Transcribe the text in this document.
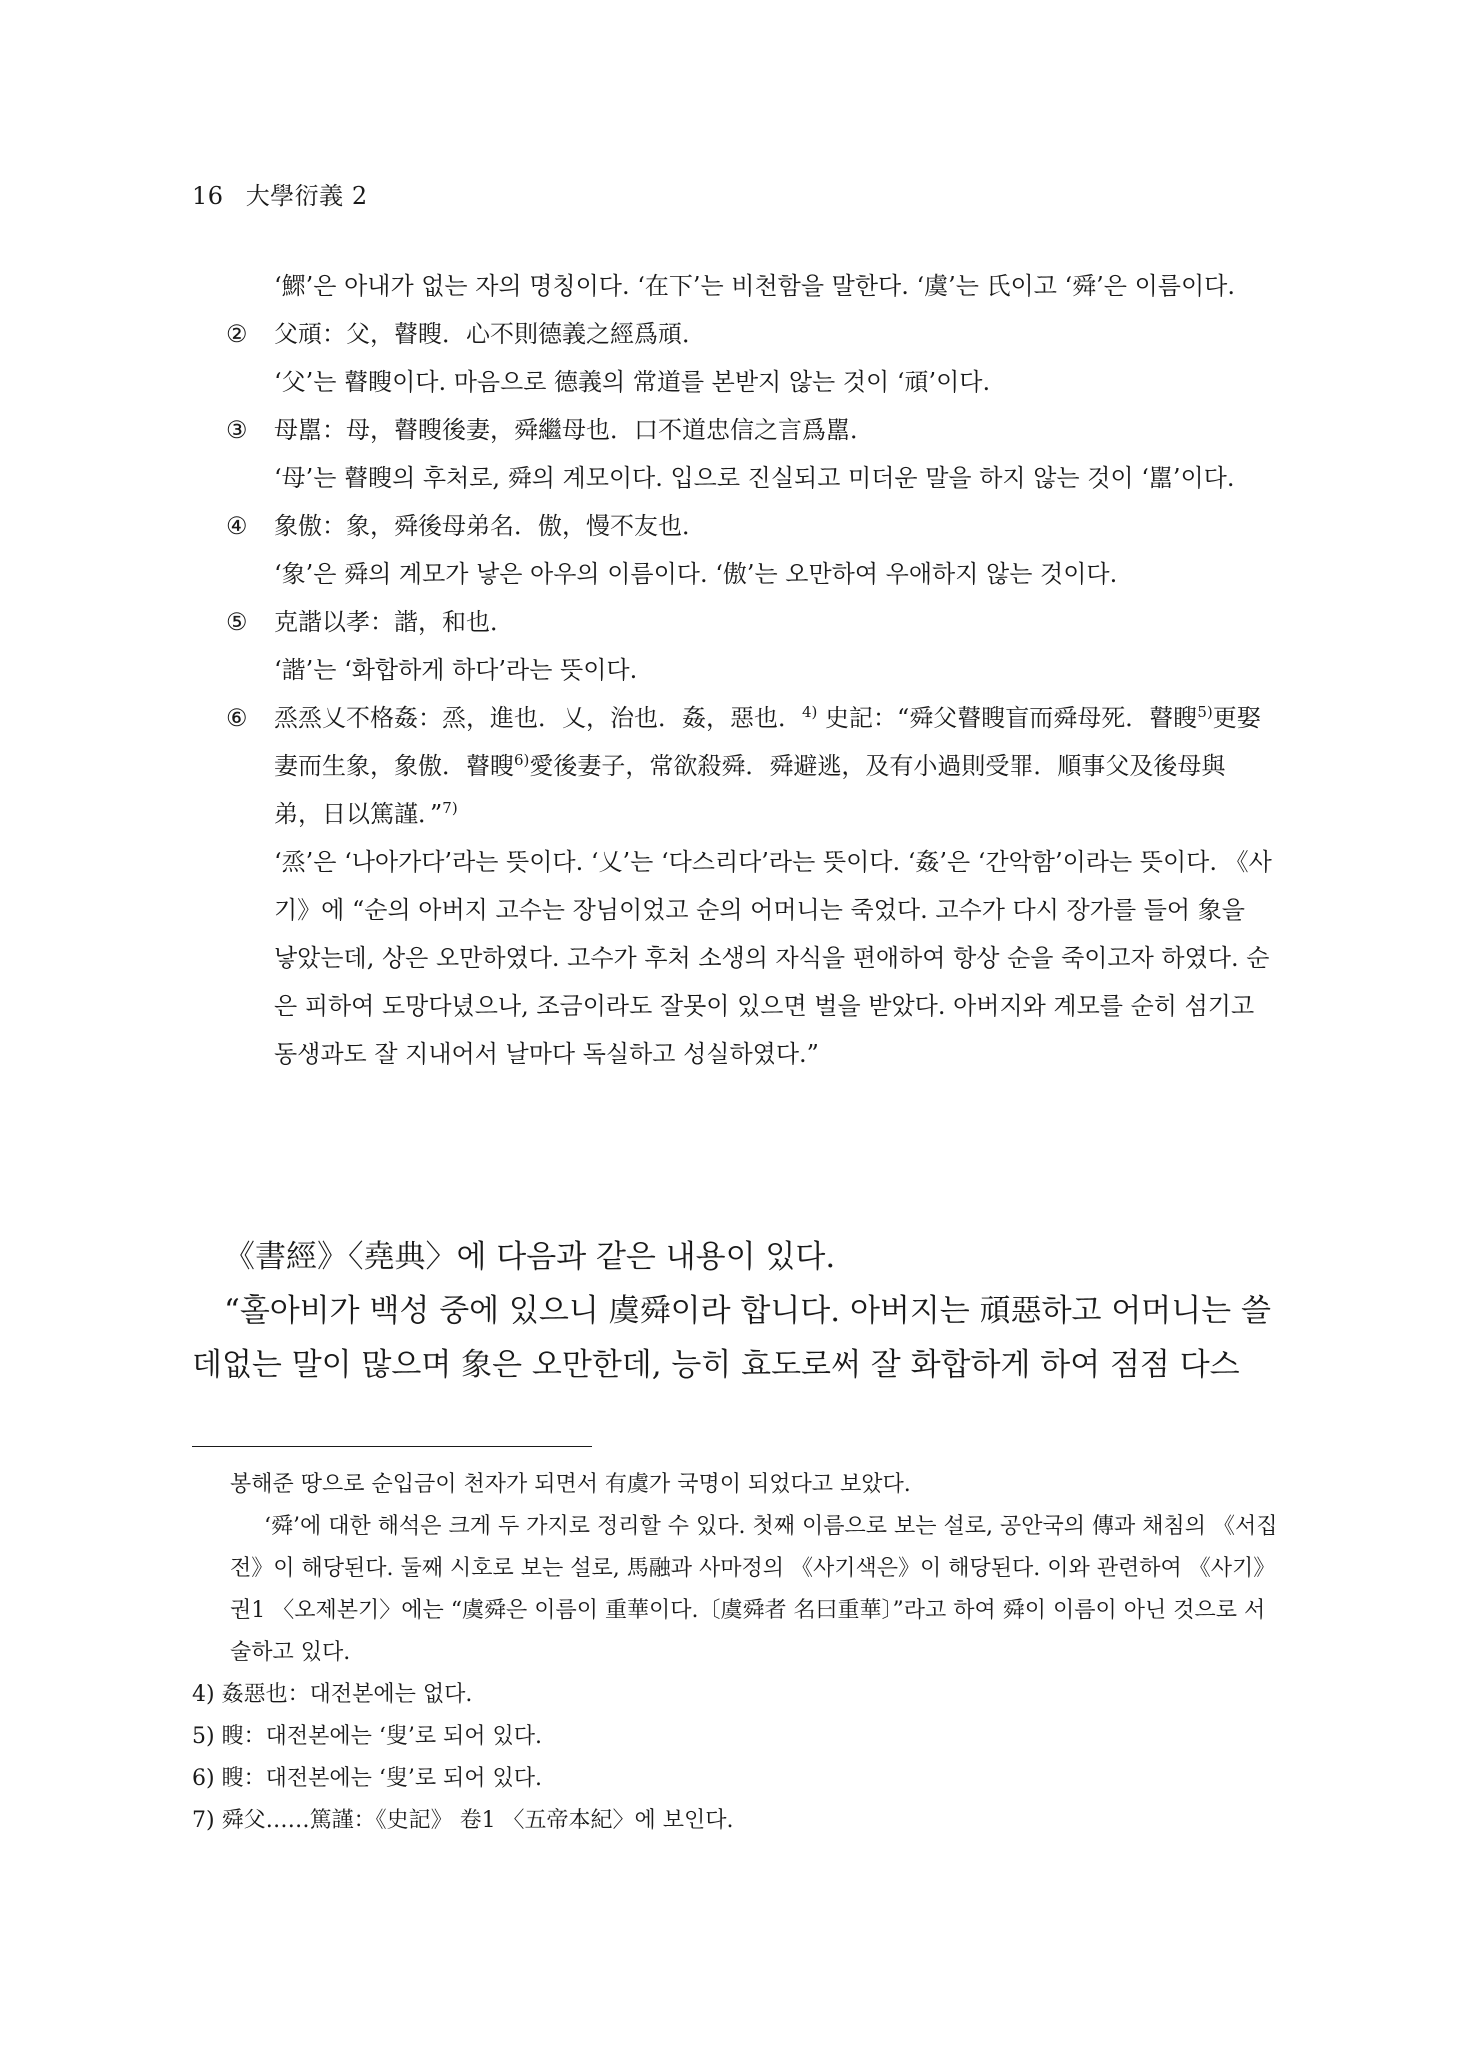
16 大學衍義 2

‘鰥’은 아내가 없는 자의 명칭이다. ‘在下’는 비천함을 말한다. ‘虞’는 氏이고 ‘舜’은 이름이다.

②	父頑：父，瞽瞍．心不則德義之經爲頑．

‘父’는 瞽瞍이다. 마음으로 德義의 常道를 본받지 않는 것이 ‘頑’이다.

③	母嚚：母，瞽瞍後妻，舜繼母也．口不道忠信之言爲嚚．

‘母’는 瞽瞍의 후처로, 舜의 계모이다. 입으로 진실되고 미더운 말을 하지 않는 것이 ‘嚚’이다.

④	象傲：象，舜後母弟名．傲，慢不友也．

‘象’은 舜의 계모가 낳은 아우의 이름이다. ‘傲’는 오만하여 우애하지 않는 것이다.

⑤	克諧以孝：諧，和也．

‘諧’는 ‘화합하게 하다’라는 뜻이다.

⑥	烝烝乂不格姦：烝，進也．乂，治也．姦，惡也．$^{4)}$ 史記：“舜父瞽瞍盲而舜母死．瞽瞍$^{5)}$更娶妻而生象，象傲．瞽瞍$^{6)}$愛後妻子，常欲殺舜．舜避逃，及有小過則受罪．順事父及後母與弟，日以篤謹．”$^{7)}$

‘烝’은 ‘나아가다’라는 뜻이다. ‘乂’는 ‘다스리다’라는 뜻이다. ‘姦’은 ‘간악함’이라는 뜻이다. 《사기》에 “순의 아버지 고수는 장님이었고 순의 어머니는 죽었다. 고수가 다시 장가를 들어 象을 낳았는데, 상은 오만하였다. 고수가 후처 소생의 자식을 편애하여 항상 순을 죽이고자 하였다. 순은 피하여 도망다녔으나, 조금이라도 잘못이 있으면 벌을 받았다. 아버지와 계모를 순히 섬기고 동생과도 잘 지내어서 날마다 독실하고 성실하였다.”

《書經》〈堯典〉에 다음과 같은 내용이 있다.

“홀아비가 백성 중에 있으니 虞舜이라 합니다. 아버지는 頑惡하고 어머니는 쓸데없는 말이 많으며 象은 오만한데, 능히 효도로써 잘 화합하게 하여 점점 다스

봉해준 땅으로 순입금이 천자가 되면서 有虞가 국명이 되었다고 보았다.

‘舜’에 대한 해석은 크게 두 가지로 정리할 수 있다. 첫째 이름으로 보는 설로, 공안국의 傳과 채침의 《서집전》이 해당된다. 둘째 시호로 보는 설로, 馬融과 사마정의 《사기색은》이 해당된다. 이와 관련하여 《사기》 권1 〈오제본기〉에는 “虞舜은 이름이 重華이다.〔虞舜者 名曰重華〕”라고 하여 舜이 이름이 아닌 것으로 서술하고 있다.

4) 姦惡也：대전본에는 없다.

5) 瞍：대전본에는 ‘叟’로 되어 있다.

6) 瞍：대전본에는 ‘叟’로 되어 있다.

7) 舜父……篤謹：《史記》 卷1 〈五帝本紀〉에 보인다.
